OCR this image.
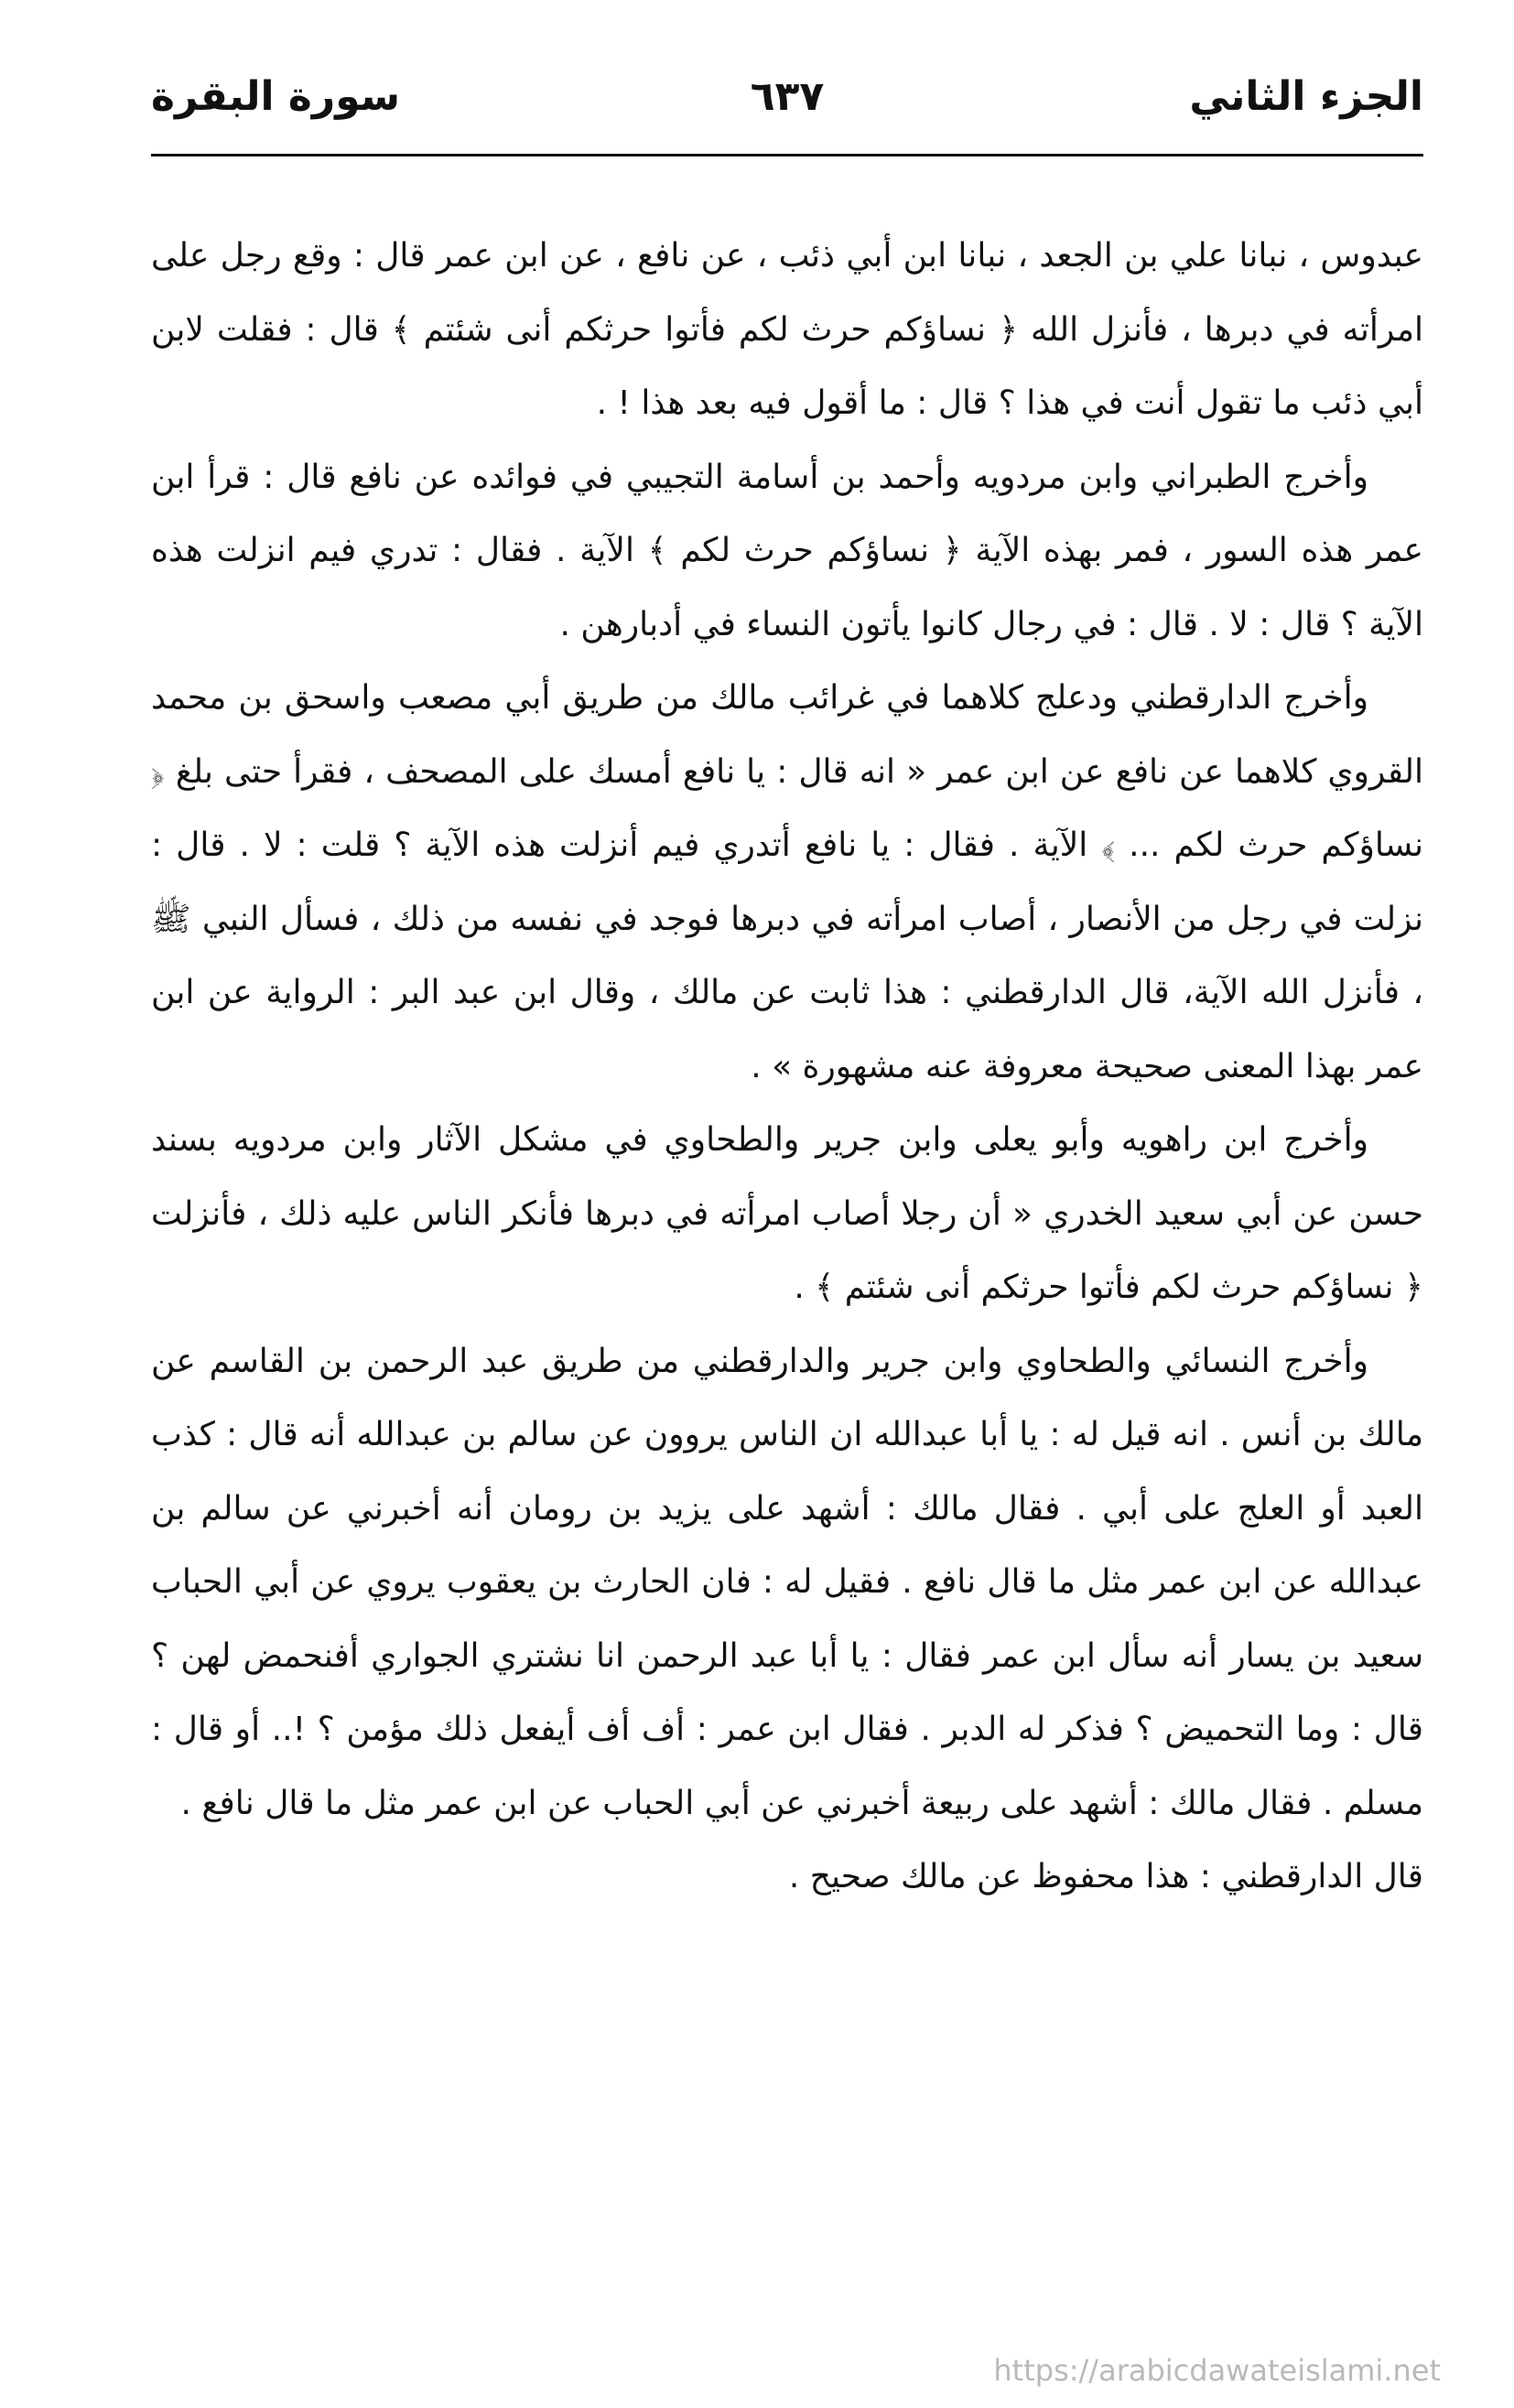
الجزء الثاني
٦٣٧
سورة البقرة

عبدوس ، نبانا علي بن الجعد ، نبانا ابن أبي ذئب ، عن نافع ، عن ابن عمر قال : وقع رجل على امرأته في دبرها ، فأنزل الله ﴿ نساؤكم حرث لكم فأتوا حرثكم أنى شئتم ﴾ قال : فقلت لابن أبي ذئب ما تقول أنت في هذا ؟ قال : ما أقول فيه بعد هذا ! .

وأخرج الطبراني وابن مردويه وأحمد بن أسامة التجيبي في فوائده عن نافع قال : قرأ ابن عمر هذه السور ، فمر بهذه الآية ﴿ نساؤكم حرث لكم ﴾ الآية . فقال : تدري فيم انزلت هذه الآية ؟ قال : لا . قال : في رجال كانوا يأتون النساء في أدبارهن .

وأخرج الدارقطني ودعلج كلاهما في غرائب مالك من طريق أبي مصعب واسحق بن محمد القروي كلاهما عن نافع عن ابن عمر « انه قال : يا نافع أمسك على المصحف ، فقرأ حتى بلغ ﴿ نساؤكم حرث لكم ... ﴾ الآية . فقال : يا نافع أتدري فيم أنزلت هذه الآية ؟ قلت : لا . قال : نزلت في رجل من الأنصار ، أصاب امرأته في دبرها فوجد في نفسه من ذلك ، فسأل النبي ﷺ ، فأنزل الله الآية، قال الدارقطني : هذا ثابت عن مالك ، وقال ابن عبد البر : الرواية عن ابن عمر بهذا المعنى صحيحة معروفة عنه مشهورة » .

وأخرج ابن راهويه وأبو يعلى وابن جرير والطحاوي في مشكل الآثار وابن مردويه بسند حسن عن أبي سعيد الخدري « أن رجلا أصاب امرأته في دبرها فأنكر الناس عليه ذلك ، فأنزلت ﴿ نساؤكم حرث لكم فأتوا حرثكم أنى شئتم ﴾ .

وأخرج النسائي والطحاوي وابن جرير والدارقطني من طريق عبد الرحمن بن القاسم عن مالك بن أنس . انه قيل له : يا أبا عبدالله ان الناس يروون عن سالم بن عبدالله أنه قال : كذب العبد أو العلج على أبي . فقال مالك : أشهد على يزيد بن رومان أنه أخبرني عن سالم بن عبدالله عن ابن عمر مثل ما قال نافع . فقيل له : فان الحارث بن يعقوب يروي عن أبي الحباب سعيد بن يسار أنه سأل ابن عمر فقال : يا أبا عبد الرحمن انا نشتري الجواري أفنحمض لهن ؟ قال : وما التحميض ؟ فذكر له الدبر . فقال ابن عمر : أف أف أيفعل ذلك مؤمن ؟ !.. أو قال : مسلم . فقال مالك : أشهد على ربيعة أخبرني عن أبي الحباب عن ابن عمر مثل ما قال نافع .

قال الدارقطني : هذا محفوظ عن مالك صحيح .

https://arabicdawateislami.net
